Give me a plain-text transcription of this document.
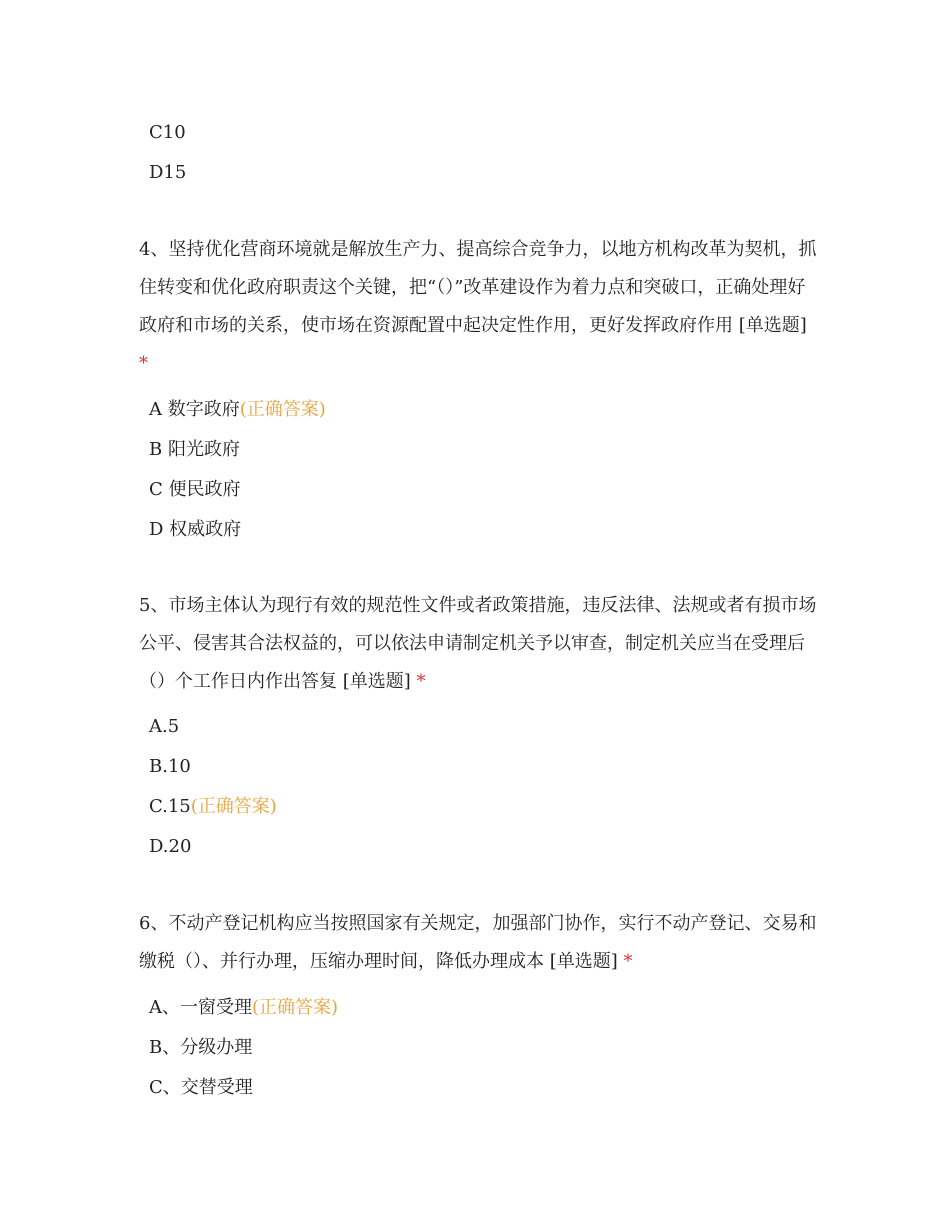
C10
D15
4、坚持优化营商环境就是解放生产力、提高综合竞争力，以地方机构改革为契机，抓住转变和优化政府职责这个关键，把“（）”改革建设作为着力点和突破口，正确处理好政府和市场的关系，使市场在资源配置中起决定性作用，更好发挥政府作用 [单选题] *
A 数字政府(正确答案)
B 阳光政府
C 便民政府
D 权威政府
5、市场主体认为现行有效的规范性文件或者政策措施，违反法律、法规或者有损市场公平、侵害其合法权益的，可以依法申请制定机关予以审查，制定机关应当在受理后（）个工作日内作出答复 [单选题] *
A.5
B.10
C.15(正确答案)
D.20
6、不动产登记机构应当按照国家有关规定，加强部门协作，实行不动产登记、交易和缴税（）、并行办理，压缩办理时间，降低办理成本 [单选题] *
A、一窗受理(正确答案)
B、分级办理
C、交替受理
